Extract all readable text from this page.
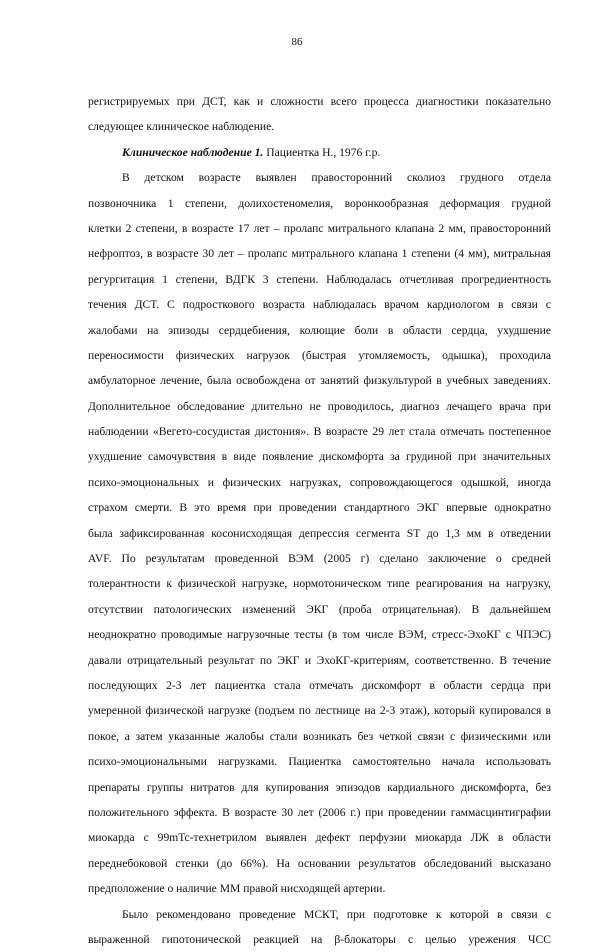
86
регистрируемых при ДСТ, как и сложности всего процесса диагностики показательно
следующее клиническое наблюдение.
Клиническое наблюдение 1. Пациентка Н., 1976 г.р.
В детском возрасте выявлен правосторонний сколиоз грудного отдела
позвоночника 1 степени, долихостеномелия, воронкообразная деформация грудной
клетки 2 степени, в возрасте 17 лет – пролапс митрального клапана 2 мм, правосторонний
нефроптоз, в возрасте 30 лет – пролапс митрального клапана 1 степени (4 мм), митральная
регургитация 1 степени, ВДГК 3 степени. Наблюдалась отчетливая прогредиентность
течения ДСТ. С подросткового возраста наблюдалась врачом кардиологом в связи с
жалобами на эпизоды сердцебиения, колющие боли в области сердца, ухудшение
переносимости физических нагрузок (быстрая утомляемость, одышка), проходила
амбулаторное лечение, была освобождена от занятий физкультурой в учебных заведениях.
Дополнительное обследование длительно не проводилось, диагноз лечащего врача при
наблюдении «Вегето-сосудистая дистония». В возрасте 29 лет стала отмечать постепенное
ухудшение самочувствия в виде появление дискомфорта за грудиной при значительных
психо-эмоциональных и физических нагрузках, сопровождающегося одышкой, иногда
страхом смерти. В это время при проведении стандартного ЭКГ впервые однократно
была зафиксированная косонисходящая депрессия сегмента ST до 1,3 мм в отведении
AVF. По результатам проведенной ВЭМ (2005 г) сделано заключение о средней
толерантности к физической нагрузке, нормотоническом типе реагирования на нагрузку,
отсутствии патологических изменений ЭКГ (проба отрицательная). В дальнейшем
неоднократно проводимые нагрузочные тесты (в том числе ВЭМ, стресс-ЭхоКГ с ЧПЭС)
давали отрицательный результат по ЭКГ и ЭхоКГ-критериям, соответственно. В течение
последующих 2-3 лет пациентка стала отмечать дискомфорт в области сердца при
умеренной физической нагрузке (подъем по лестнице на 2-3 этаж), который купировался в
покое, а затем указанные жалобы стали возникать без четкой связи с физическими или
психо-эмоциональными нагрузками. Пациентка самостоятельно начала использовать
препараты группы нитратов для купирования эпизодов кардиального дискомфорта, без
положительного эффекта. В возрасте 30 лет (2006 г.) при проведении гаммасцинтиграфии
миокарда с 99mTc-технетрилом выявлен дефект перфузии миокарда ЛЖ в области
переднебоковой стенки (до 66%). На основании результатов обследований высказано
предположение о наличие ММ правой нисходящей артерии.
Было рекомендовано проведение МСКТ, при подготовке к которой в связи с
выраженной гипотонической реакцией на β-блокаторы с целью урежения ЧСС
